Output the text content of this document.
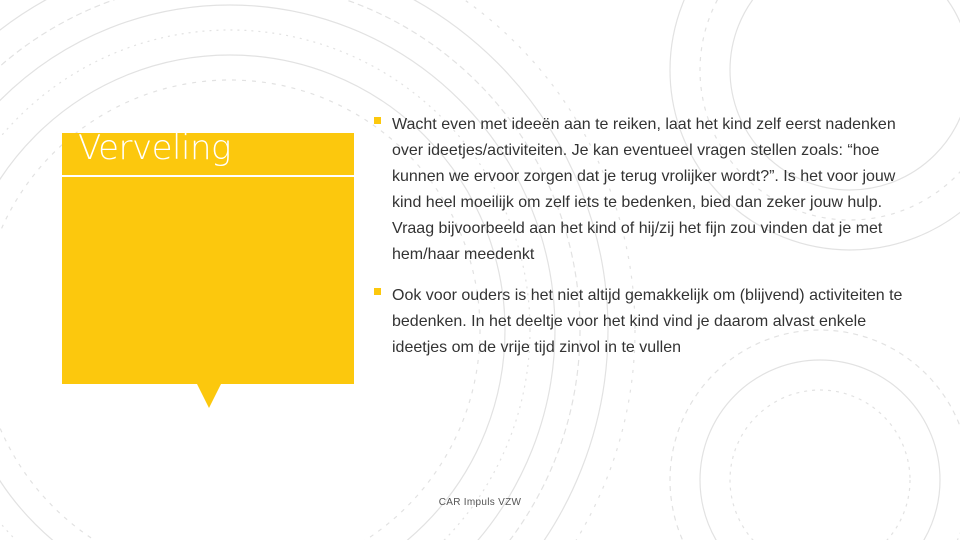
Verveling
Wacht even met ideeën aan te reiken, laat het kind zelf eerst nadenken over ideetjes/activiteiten. Je kan eventueel vragen stellen zoals: “hoe kunnen we ervoor zorgen dat je terug vrolijker wordt?”. Is het voor jouw kind heel moeilijk om zelf iets te bedenken, bied dan zeker jouw hulp. Vraag bijvoorbeeld aan het kind of hij/zij het fijn zou vinden dat je met hem/haar meedenkt
Ook voor ouders is het niet altijd gemakkelijk om (blijvend) activiteiten te bedenken. In het deeltje voor het kind vind je daarom alvast enkele ideetjes om de vrije tijd zinvol in te vullen
CAR Impuls VZW
